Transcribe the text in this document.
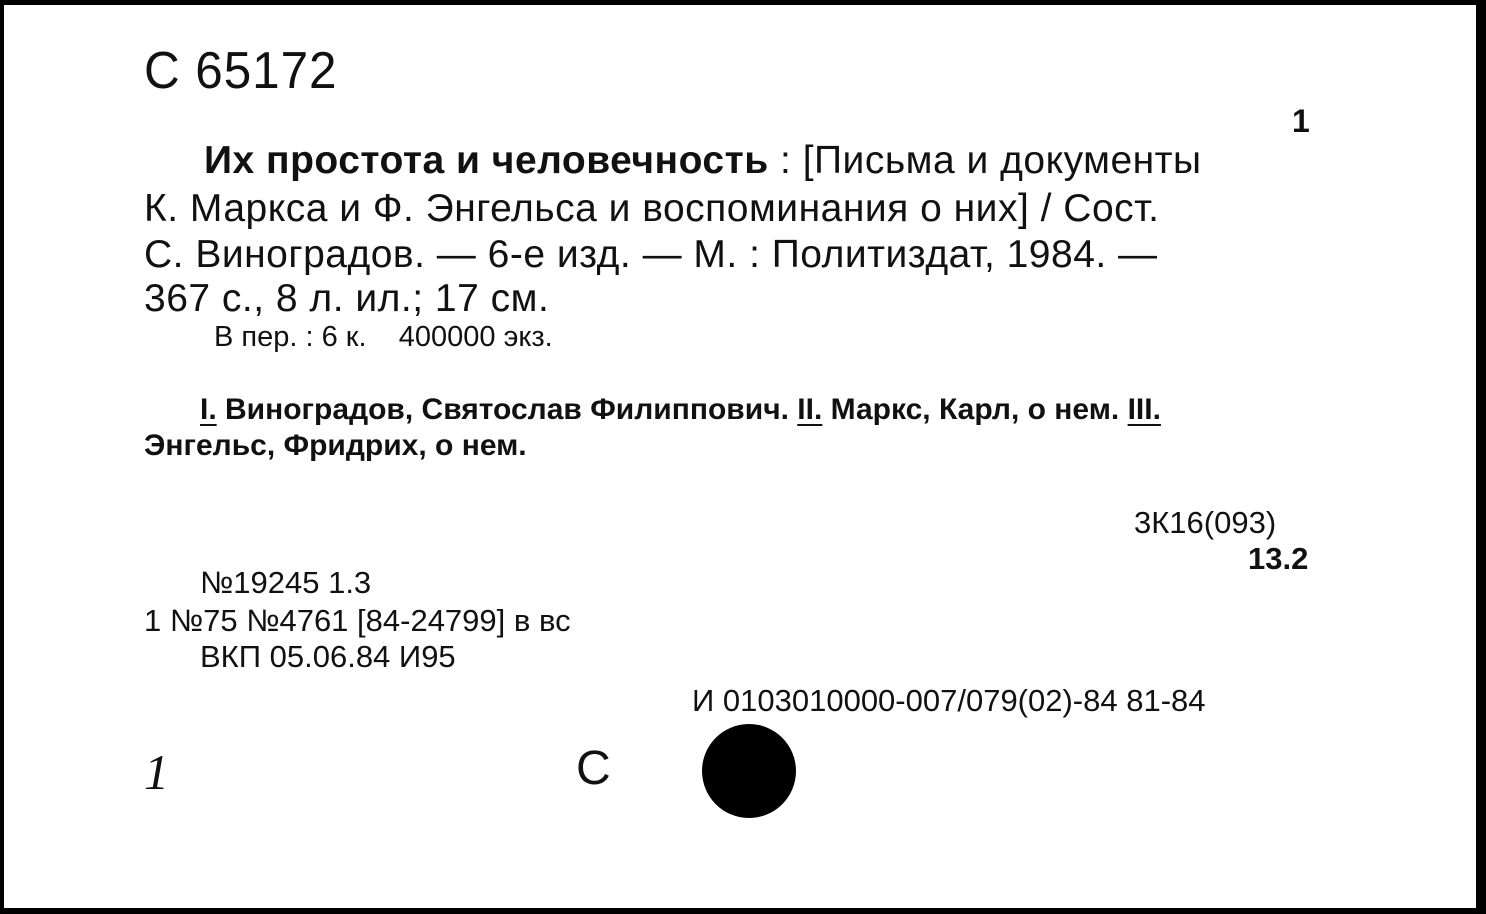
С 65172
1
Их простота и человечность : [Письма и документы
К. Маркса и Ф. Энгельса и воспоминания о них] / Сост.
С. Виноградов. — 6-е изд. — М. : Политиздат, 1984. —
367 с., 8 л. ил.; 17 см.
В пер. : 6 к.    400000 экз.
I. Виноградов, Святослав Филиппович. II. Маркс, Карл, о нем. III.
Энгельс, Фридрих, о нем.
3К16(093)
13.2
№19245 1.3
1 №75 №4761 [84-24799] в вс
ВКП 05.06.84 И95
И 0103010000-007/079(02)-84 81-84
1	С
